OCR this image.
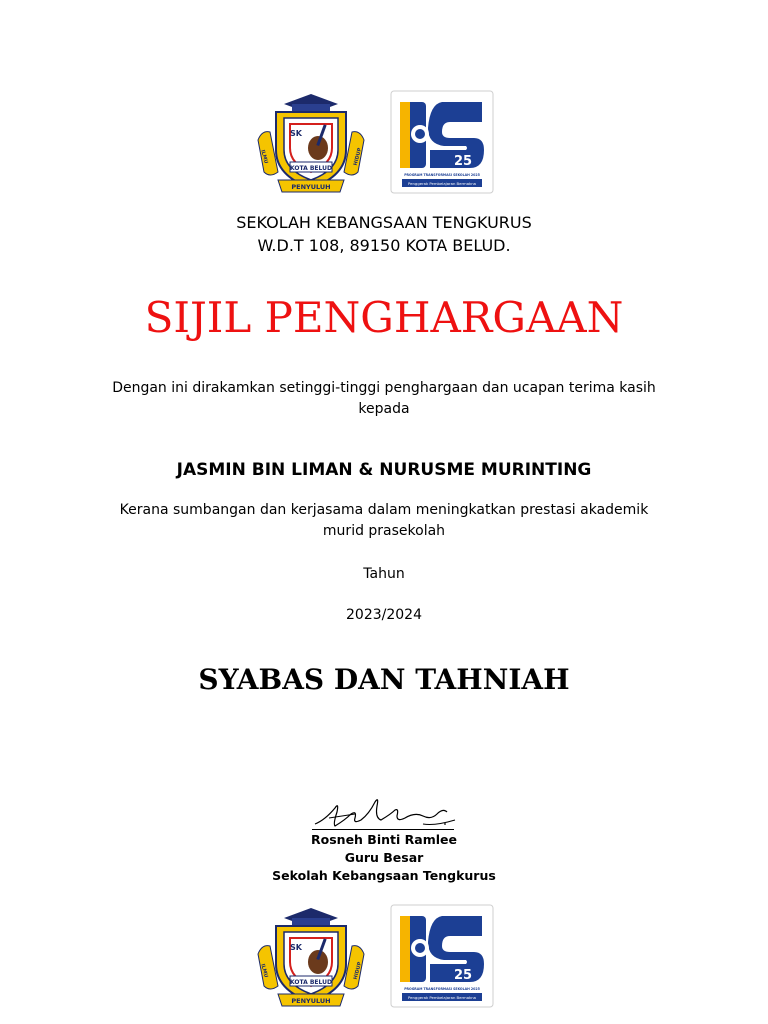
SK
KOTA BELUD
ILMU	HIDUP
PENYULUH
25
PROGRAM TRANSFORMASI SEKOLAH 2025
Penggerak Pembelajaran Bermakna
SEKOLAH KEBANGSAAN TENGKURUS
W.D.T 108, 89150 KOTA BELUD.
SIJIL PENGHARGAAN
Dengan ini dirakamkan setinggi-tinggi penghargaan dan ucapan terima kasih kepada
JASMIN BIN LIMAN & NURUSME MURINTING
Kerana sumbangan dan kerjasama dalam meningkatkan prestasi akademik murid prasekolah
Tahun
2023/2024
SYABAS DAN TAHNIAH
Rosneh Binti Ramlee
Guru Besar
Sekolah Kebangsaan Tengkurus
SK
KOTA BELUD
ILMU	HIDUP
PENYULUH
25
PROGRAM TRANSFORMASI SEKOLAH 2025
Penggerak Pembelajaran Bermakna
